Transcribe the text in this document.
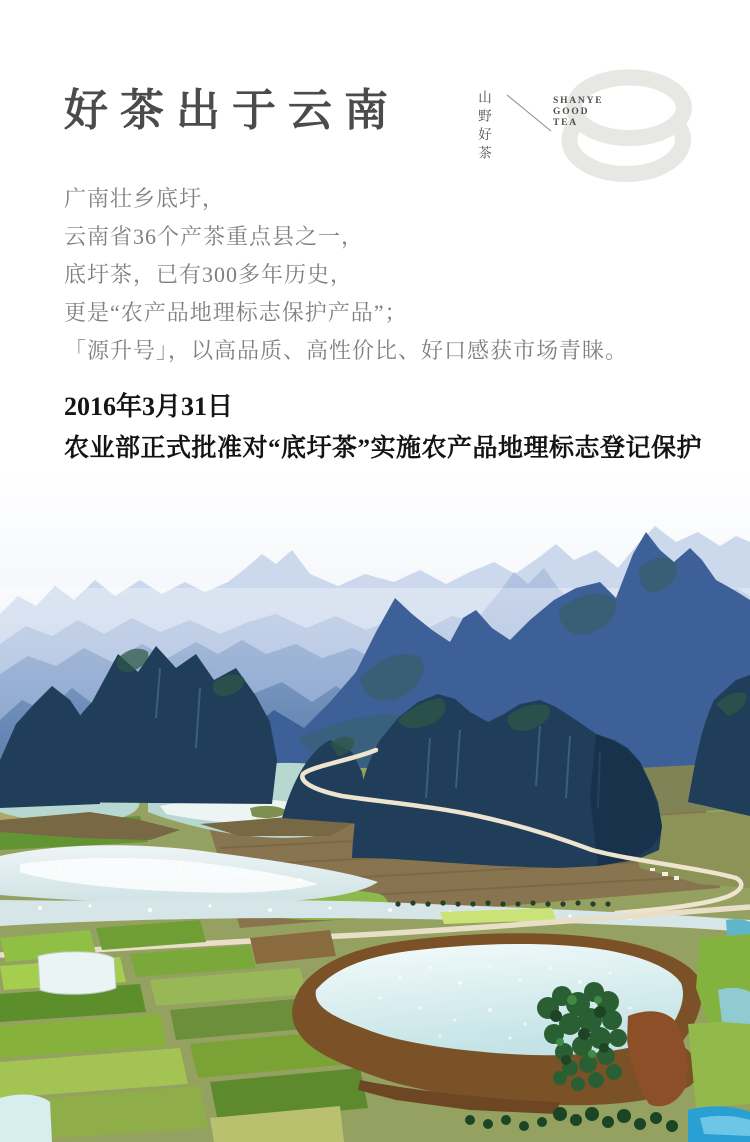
好茶出于云南	山野好茶	SHANYE
GOOD
TEA

广南壮乡底圩，

云南省36个产茶重点县之一，

底圩茶，已有300多年历史，

更是“农产品地理标志保护产品”；

「源升号」，以高品质、高性价比、好口感获市场青睐。

2016年3月31日

农业部正式批准对“底圩茶”实施农产品地理标志登记保护
